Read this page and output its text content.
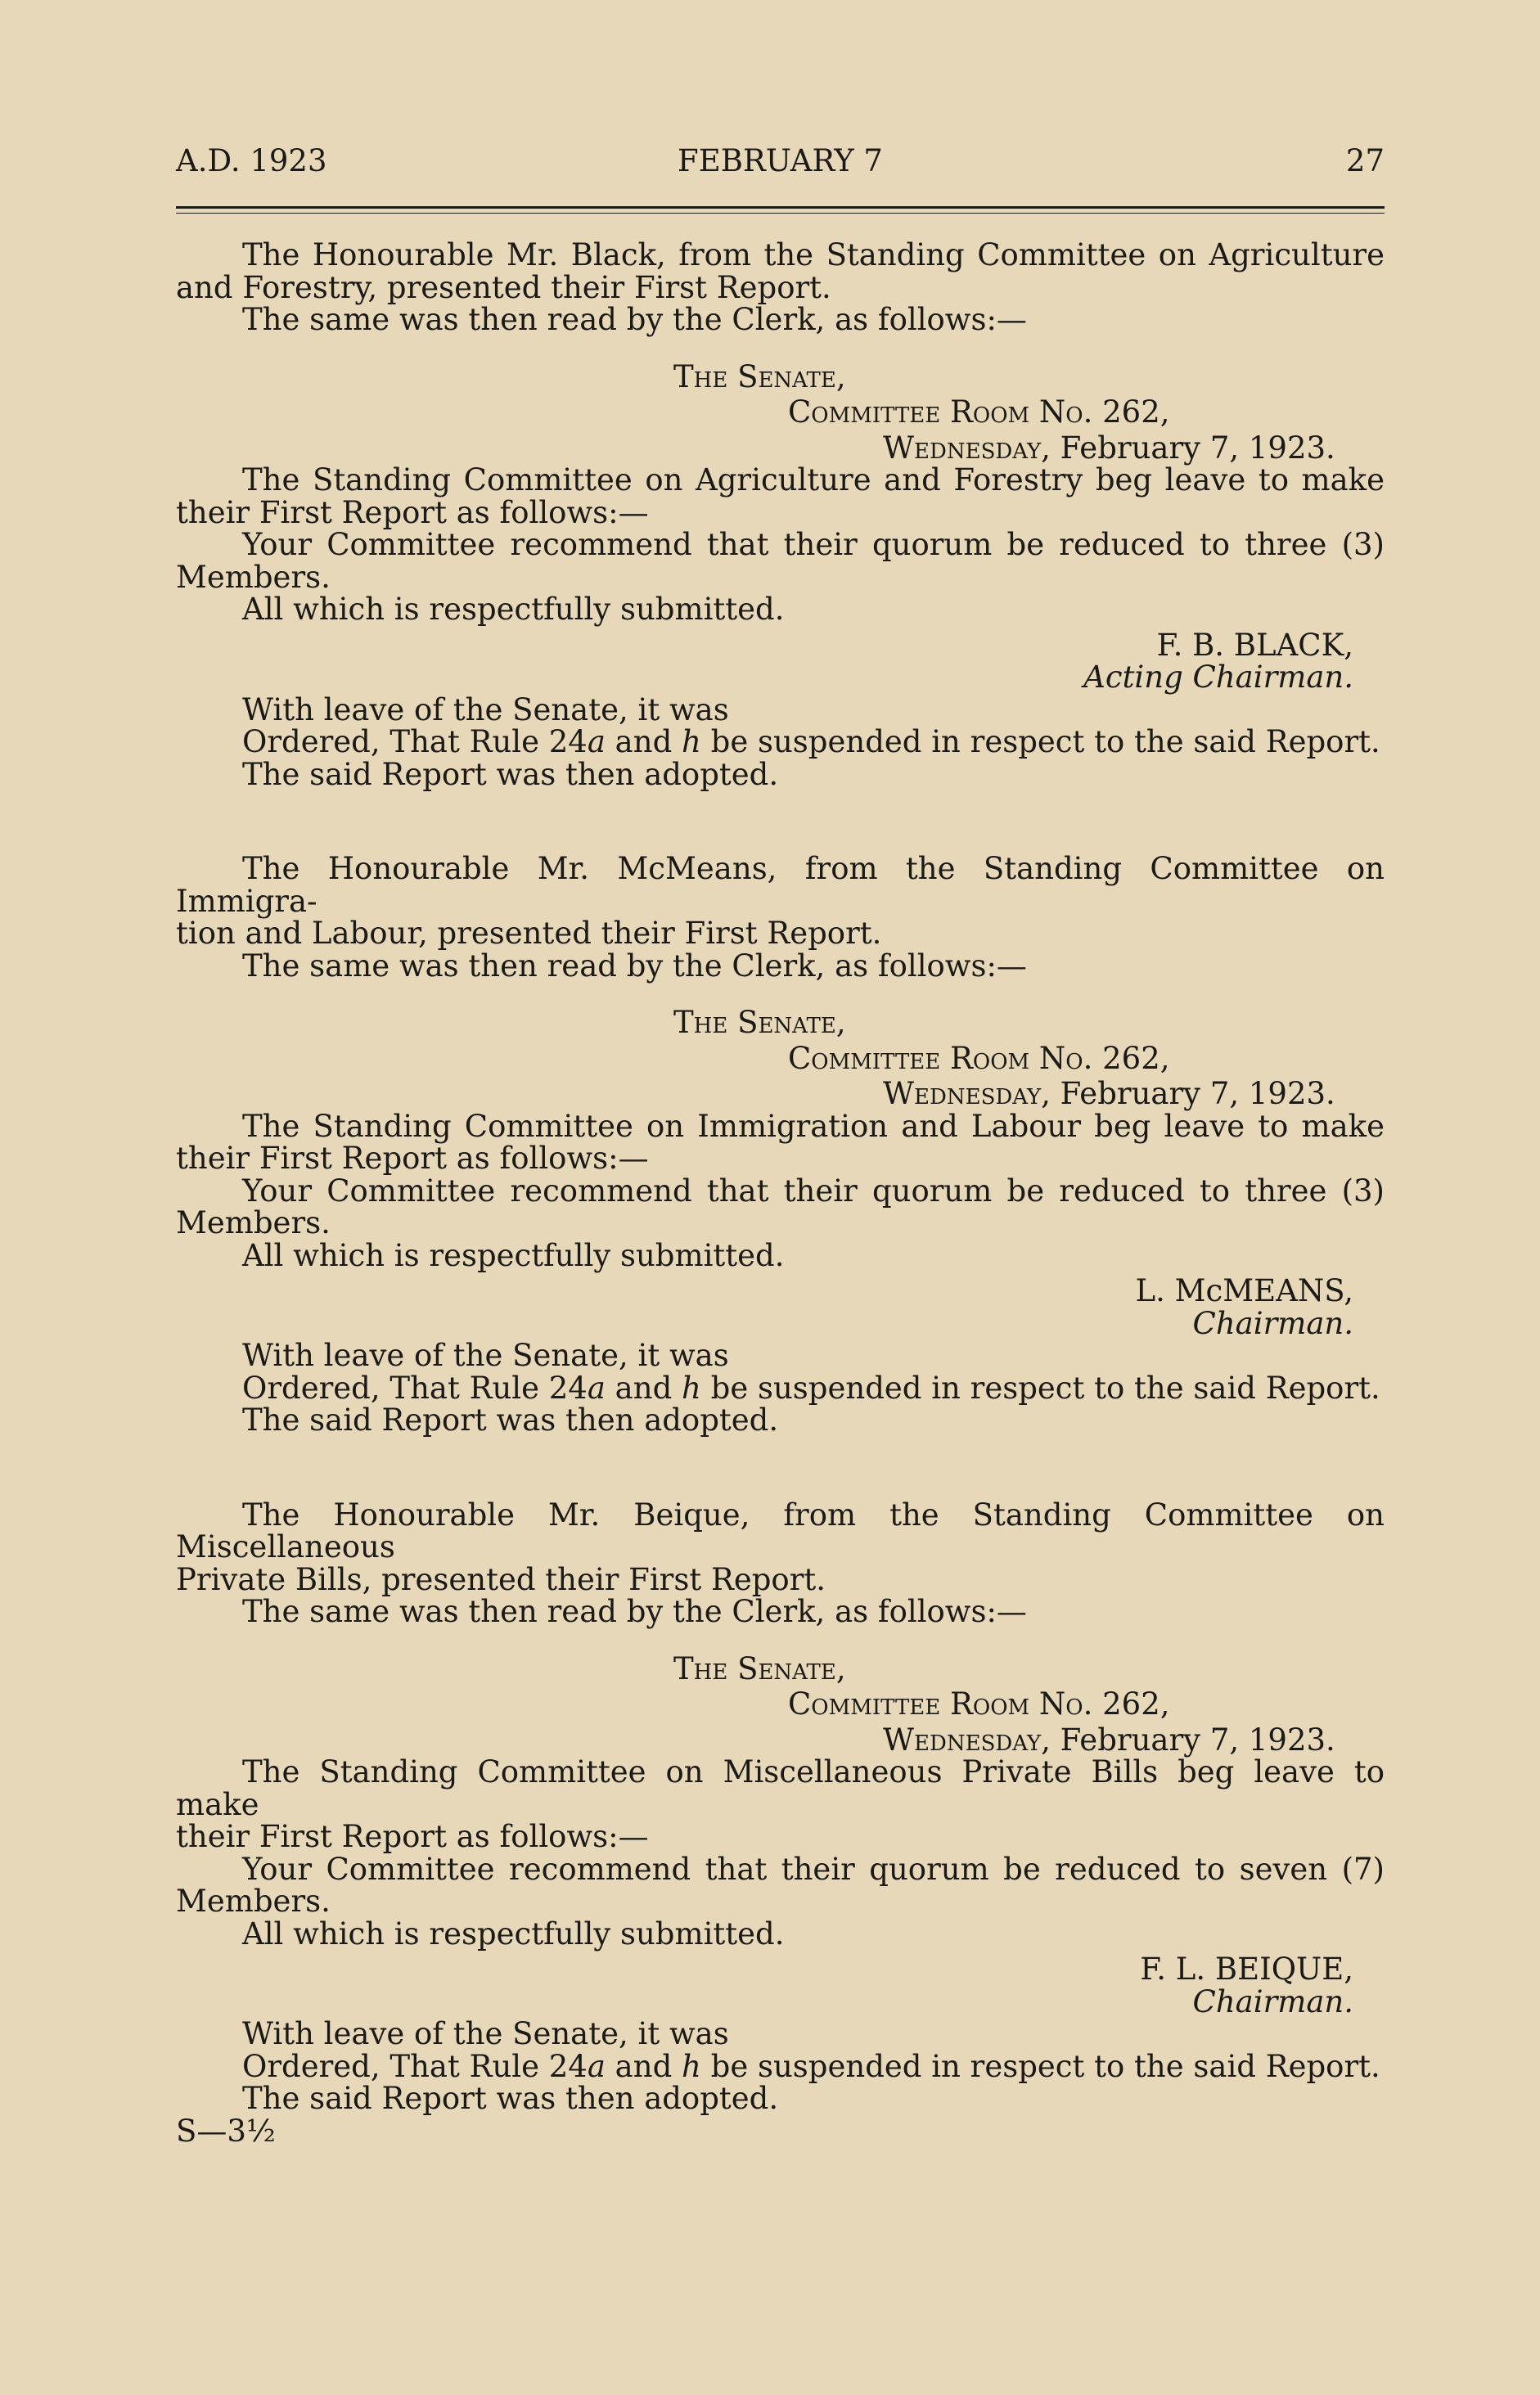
A.D. 1923	FEBRUARY 7	27
The Honourable Mr. Black, from the Standing Committee on Agriculture
and Forestry, presented their First Report.
The same was then read by the Clerk, as follows:—
The Senate,
Committee Room No. 262,
Wednesday, February 7, 1923.
The Standing Committee on Agriculture and Forestry beg leave to make
their First Report as follows:—
Your Committee recommend that their quorum be reduced to three (3)
Members.
All which is respectfully submitted.
F. B. BLACK,
Acting Chairman.
With leave of the Senate, it was
Ordered, That Rule 24a and h be suspended in respect to the said Report.
The said Report was then adopted.
The Honourable Mr. McMeans, from the Standing Committee on Immigra-
tion and Labour, presented their First Report.
The same was then read by the Clerk, as follows:—
The Senate,
Committee Room No. 262,
Wednesday, February 7, 1923.
The Standing Committee on Immigration and Labour beg leave to make
their First Report as follows:—
Your Committee recommend that their quorum be reduced to three (3)
Members.
All which is respectfully submitted.
L. McMEANS,
Chairman.
With leave of the Senate, it was
Ordered, That Rule 24a and h be suspended in respect to the said Report.
The said Report was then adopted.
The Honourable Mr. Beique, from the Standing Committee on Miscellaneous
Private Bills, presented their First Report.
The same was then read by the Clerk, as follows:—
The Senate,
Committee Room No. 262,
Wednesday, February 7, 1923.
The Standing Committee on Miscellaneous Private Bills beg leave to make
their First Report as follows:—
Your Committee recommend that their quorum be reduced to seven (7)
Members.
All which is respectfully submitted.
F. L. BEIQUE,
Chairman.
With leave of the Senate, it was
Ordered, That Rule 24a and h be suspended in respect to the said Report.
The said Report was then adopted.
S—3½
